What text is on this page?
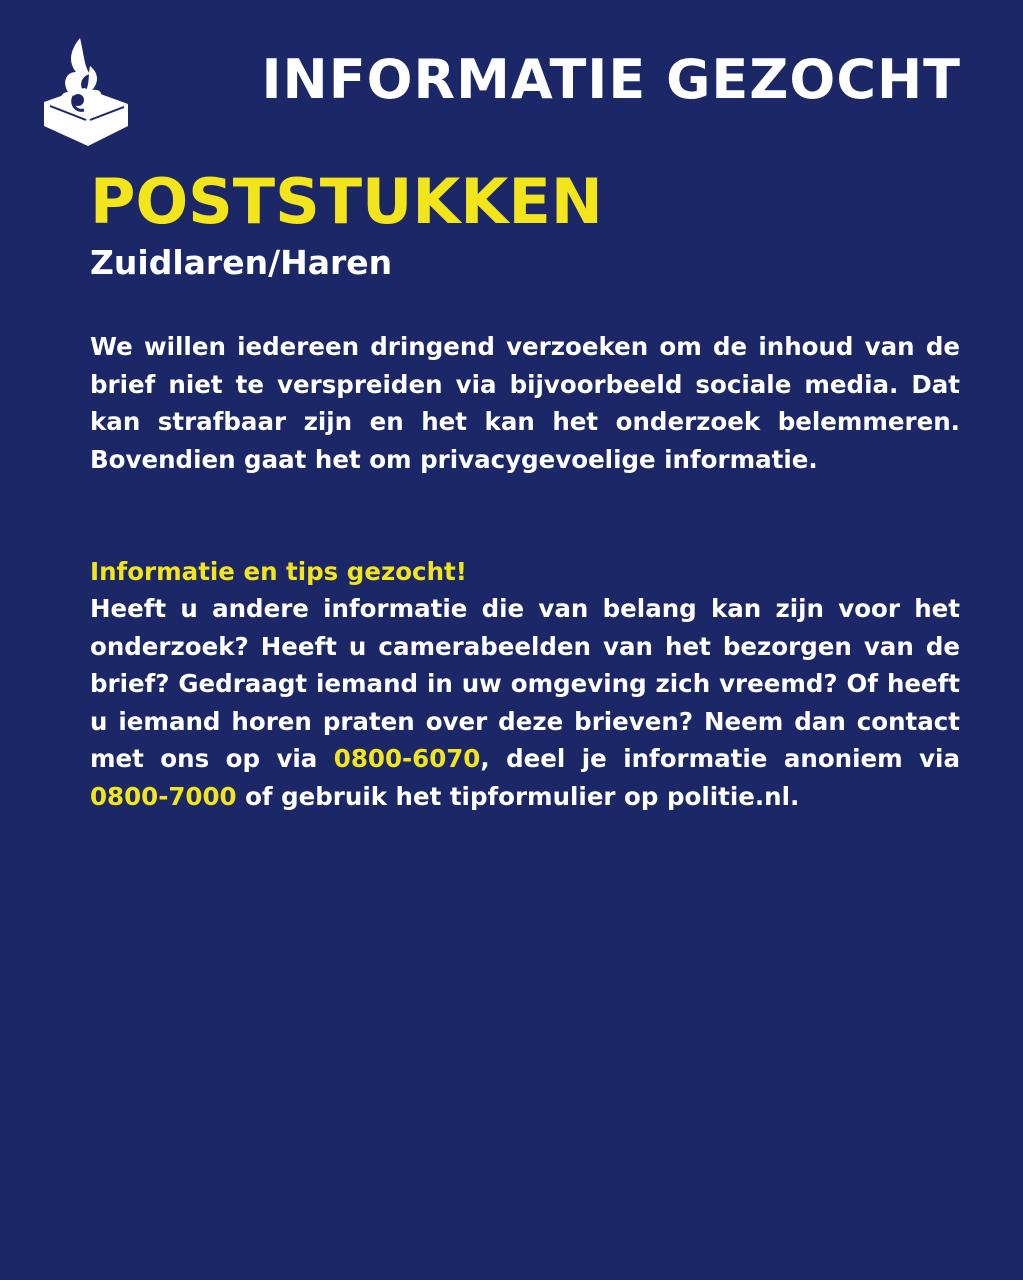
INFORMATIE GEZOCHT
POSTSTUKKEN
Zuidlaren/Haren

We willen iedereen dringend verzoeken om de inhoud van de brief niet te verspreiden via bijvoorbeeld sociale media. Dat kan strafbaar zijn en het kan het onderzoek belemmeren. Bovendien gaat het om privacygevoelige informatie.

Informatie en tips gezocht!

Heeft u andere informatie die van belang kan zijn voor het onderzoek? Heeft u camerabeelden van het bezorgen van de brief? Gedraagt iemand in uw omgeving zich vreemd? Of heeft u iemand horen praten over deze brieven? Neem dan contact met ons op via 0800-6070, deel je informatie anoniem via 0800-7000 of gebruik het tipformulier op politie.nl.
